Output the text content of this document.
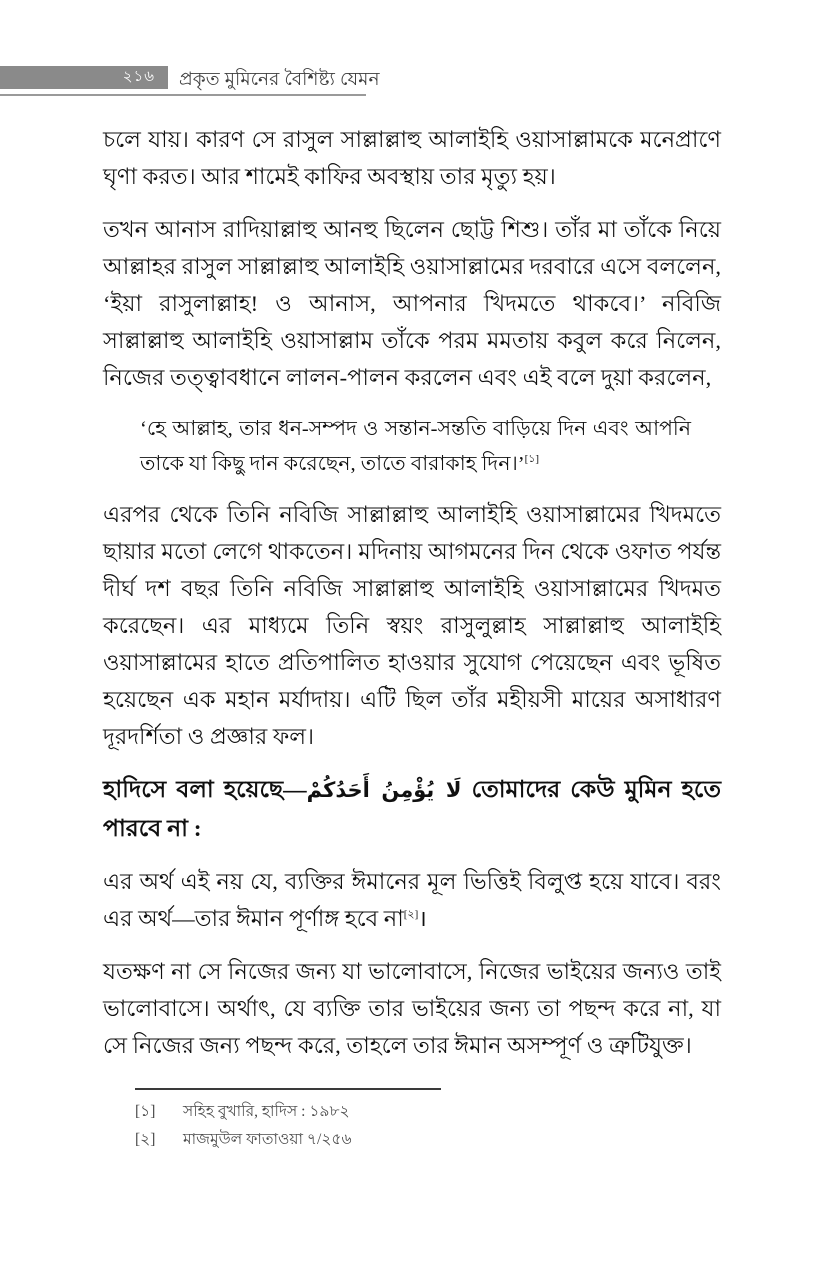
২১৬ প্রকৃত মুমিনের বৈশিষ্ট্য যেমন

চলে যায়। কারণ সে রাসুল সাল্লাল্লাহু আলাইহি ওয়াসাল্লামকে মনেপ্রাণে ঘৃণা করত। আর শামেই কাফির অবস্থায় তার মৃত্যু হয়।

তখন আনাস রাদিয়াল্লাহু আনহু ছিলেন ছোট্ট শিশু। তাঁর মা তাঁকে নিয়ে আল্লাহর রাসুল সাল্লাল্লাহু আলাইহি ওয়াসাল্লামের দরবারে এসে বললেন, ‘ইয়া রাসুলাল্লাহ! ও আনাস, আপনার খিদমতে থাকবে।’ নবিজি সাল্লাল্লাহু আলাইহি ওয়াসাল্লাম তাঁকে পরম মমতায় কবুল করে নিলেন, নিজের তত্ত্বাবধানে লালন-পালন করলেন এবং এই বলে দুয়া করলেন,

‘হে আল্লাহ, তার ধন-সম্পদ ও সন্তান-সন্ততি বাড়িয়ে দিন এবং আপনি তাকে যা কিছু দান করেছেন, তাতে বারাকাহ দিন।’[১]

এরপর থেকে তিনি নবিজি সাল্লাল্লাহু আলাইহি ওয়াসাল্লামের খিদমতে ছায়ার মতো লেগে থাকতেন। মদিনায় আগমনের দিন থেকে ওফাত পর্যন্ত দীর্ঘ দশ বছর তিনি নবিজি সাল্লাল্লাহু আলাইহি ওয়াসাল্লামের খিদমত করেছেন। এর মাধ্যমে তিনি স্বয়ং রাসুলুল্লাহ সাল্লাল্লাহু আলাইহি ওয়াসাল্লামের হাতে প্রতিপালিত হাওয়ার সুযোগ পেয়েছেন এবং ভূষিত হয়েছেন এক মহান মর্যাদায়। এটি ছিল তাঁর মহীয়সী মায়ের অসাধারণ দূরদর্শিতা ও প্রজ্ঞার ফল।

হাদিসে বলা হয়েছে—لَا يُؤْمِنُ أَحَدُكُمْ তোমাদের কেউ মুমিন হতে পারবে না :

এর অর্থ এই নয় যে, ব্যক্তির ঈমানের মূল ভিত্তিই বিলুপ্ত হয়ে যাবে। বরং এর অর্থ—তার ঈমান পূর্ণাঙ্গ হবে না[২]।

যতক্ষণ না সে নিজের জন্য যা ভালোবাসে, নিজের ভাইয়ের জন্যও তাই ভালোবাসে। অর্থাৎ, যে ব্যক্তি তার ভাইয়ের জন্য তা পছন্দ করে না, যা সে নিজের জন্য পছন্দ করে, তাহলে তার ঈমান অসম্পূর্ণ ও ত্রুটিযুক্ত।

[১]	সহিহ বুখারি, হাদিস : ১৯৮২
[২]	মাজমুউল ফাতাওয়া ৭/২৫৬
